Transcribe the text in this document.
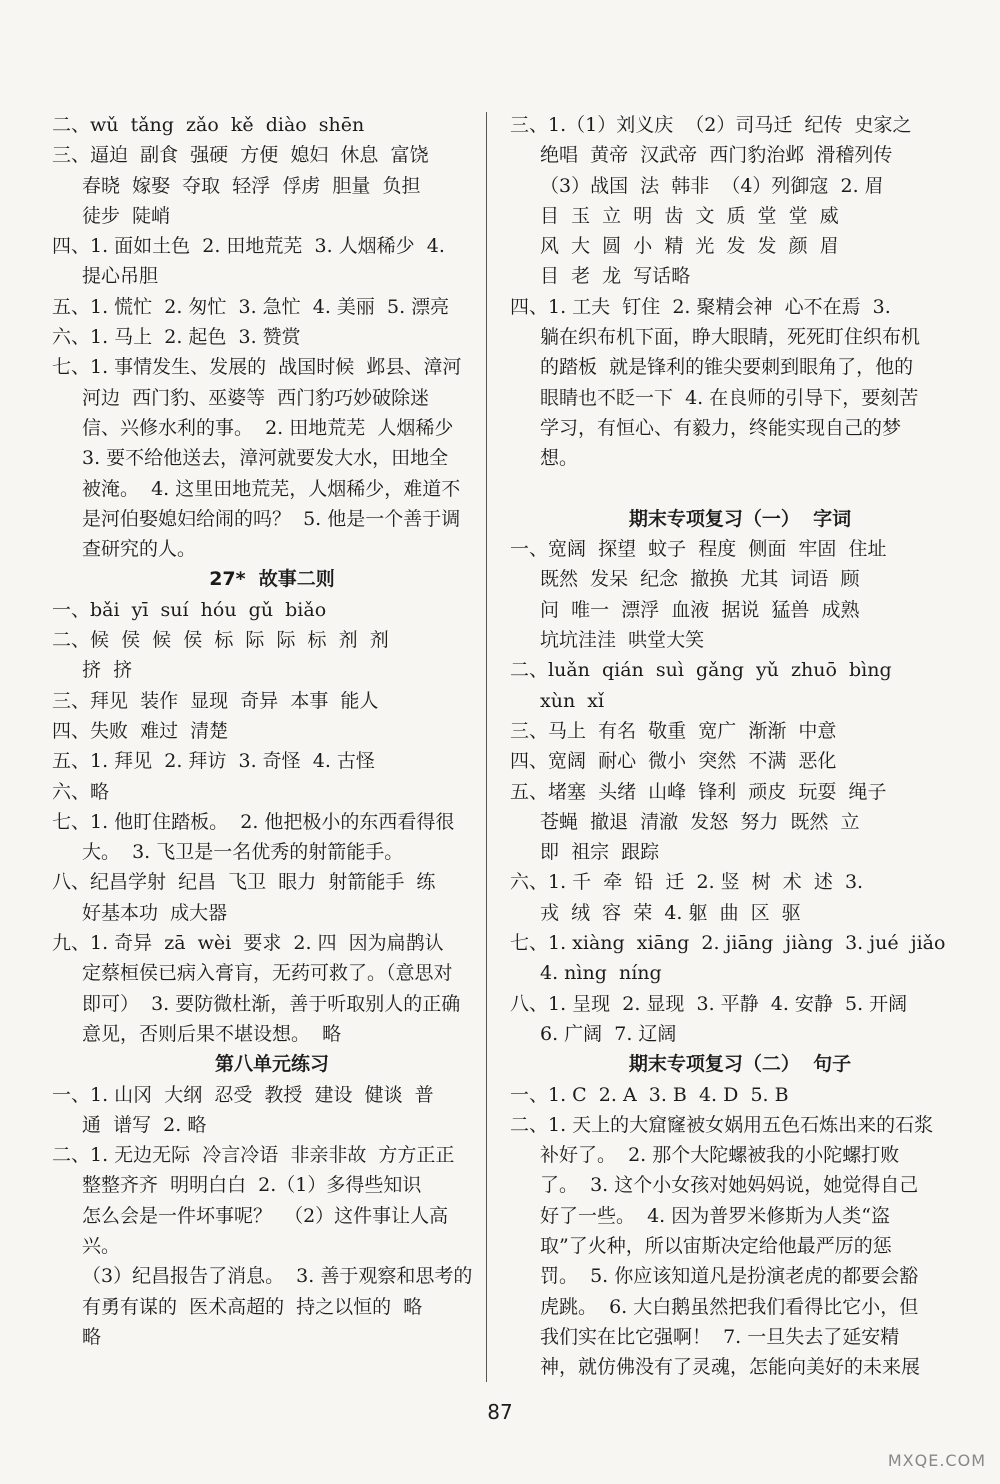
二、wǔ  tǎng  zǎo  kě  diào  shēn
三、逼迫  副食  强硬  方便  媳妇  休息  富饶
春晓  嫁娶  夺取  轻浮  俘虏  胆量  负担
徒步  陡峭
四、1. 面如土色  2. 田地荒芜  3. 人烟稀少  4.
提心吊胆
五、1. 慌忙  2. 匆忙  3. 急忙  4. 美丽  5. 漂亮
六、1. 马上  2. 起色  3. 赞赏
七、1. 事情发生、发展的  战国时候  邺县、漳河
河边  西门豹、巫婆等  西门豹巧妙破除迷
信、兴修水利的事。  2. 田地荒芜  人烟稀少
3. 要不给他送去，漳河就要发大水，田地全
被淹。  4. 这里田地荒芜，人烟稀少，难道不
是河伯娶媳妇给闹的吗？  5. 他是一个善于调
查研究的人。
27*  故事二则
一、bǎi  yī  suí  hóu  gǔ  biǎo
二、候  侯  候  侯  标  际  际  标  剂  剂
挤  挤
三、拜见  装作  显现  奇异  本事  能人
四、失败  难过  清楚
五、1. 拜见  2. 拜访  3. 奇怪  4. 古怪
六、略
七、1. 他盯住踏板。  2. 他把极小的东西看得很
大。  3. 飞卫是一名优秀的射箭能手。
八、纪昌学射  纪昌  飞卫  眼力  射箭能手  练
好基本功  成大器
九、1. 奇异  zā  wèi  要求  2. 四  因为扁鹊认
定蔡桓侯已病入膏肓，无药可救了。（意思对
即可）  3. 要防微杜渐，善于听取别人的正确
意见，否则后果不堪设想。  略
第八单元练习
一、1. 山冈  大纲  忍受  教授  建设  健谈  普
通  谱写  2. 略
二、1. 无边无际  冷言冷语  非亲非故  方方正正
整整齐齐  明明白白  2.（1）多得些知识
怎么会是一件坏事呢？  （2）这件事让人高
兴。
（3）纪昌报告了消息。  3. 善于观察和思考的
有勇有谋的  医术高超的  持之以恒的  略
略
三、1.（1）刘义庆  （2）司马迁  纪传  史家之
绝唱  黄帝  汉武帝  西门豹治邺  滑稽列传
（3）战国  法  韩非  （4）列御寇  2. 眉
目  玉  立  明  齿  文  质  堂  堂  威
风  大  圆  小  精  光  发  发  颜  眉
目  老  龙  写话略
四、1. 工夫  钉住  2. 聚精会神  心不在焉  3.
躺在织布机下面，睁大眼睛，死死盯住织布机
的踏板  就是锋利的锥尖要刺到眼角了，他的
眼睛也不眨一下  4. 在良师的引导下，要刻苦
学习，有恒心、有毅力，终能实现自己的梦
想。
期末专项复习（一）  字词
一、宽阔  探望  蚊子  程度  侧面  牢固  住址
既然  发呆  纪念  撤换  尤其  词语  顾
问  唯一  漂浮  血液  据说  猛兽  成熟
坑坑洼洼  哄堂大笑
二、luǎn  qián  suì  gǎng  yǔ  zhuō  bìng
xùn  xǐ
三、马上  有名  敬重  宽广  渐渐  中意
四、宽阔  耐心  微小  突然  不满  恶化
五、堵塞  头绪  山峰  锋利  顽皮  玩耍  绳子
苍蝇  撤退  清澈  发怒  努力  既然  立
即  祖宗  跟踪
六、1. 千  牵  铅  迁  2. 竖  树  术  述  3.
戎  绒  容  荣  4. 躯  曲  区  驱
七、1. xiàng  xiāng  2. jiāng  jiàng  3. jué  jiǎo
4. nìng  níng
八、1. 呈现  2. 显现  3. 平静  4. 安静  5. 开阔
6. 广阔  7. 辽阔
期末专项复习（二）  句子
一、1. C  2. A  3. B  4. D  5. B
二、1. 天上的大窟窿被女娲用五色石炼出来的石浆
补好了。  2. 那个大陀螺被我的小陀螺打败
了。  3. 这个小女孩对她妈妈说，她觉得自己
好了一些。  4. 因为普罗米修斯为人类“盗
取”了火种，所以宙斯决定给他最严厉的惩
罚。  5. 你应该知道凡是扮演老虎的都要会豁
虎跳。  6. 大白鹅虽然把我们看得比它小，但
我们实在比它强啊！  7. 一旦失去了延安精
神，就仿佛没有了灵魂，怎能向美好的未来展
87
MXQE.COM
